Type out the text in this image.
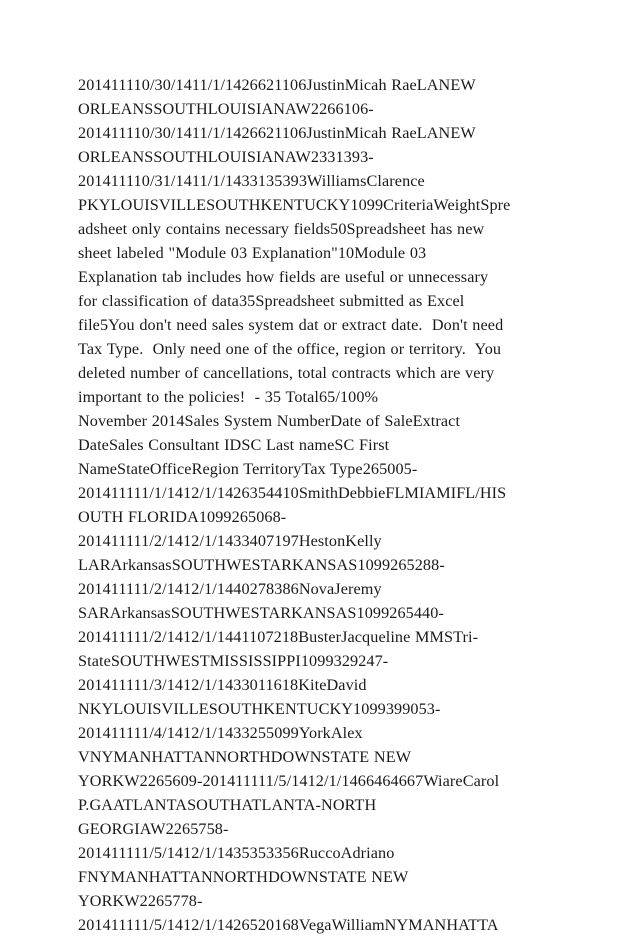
201411110/30/1411/1/1426621106JustinMicah RaeLANEW
ORLEANSSOUTHLOUISIANAW2266106-
201411110/30/1411/1/1426621106JustinMicah RaeLANEW
ORLEANSSOUTHLOUISIANAW2331393-
201411110/31/1411/1/1433135393WilliamsClarence
PKYLOUISVILLESOUTHKENTUCKY1099CriteriaWeightSpre
adsheet only contains necessary fields50Spreadsheet has new
sheet labeled "Module 03 Explanation"10Module 03
Explanation tab includes how fields are useful or unnecessary
for classification of data35Spreadsheet submitted as Excel
file5You don't need sales system dat or extract date.  Don't need
Tax Type.  Only need one of the office, region or territory.  You
deleted number of cancellations, total contracts which are very
important to the policies!  - 35 Total65/100%
November 2014Sales System NumberDate of SaleExtract
DateSales Consultant IDSC Last nameSC First
NameStateOfficeRegion TerritoryTax Type265005-
201411111/1/1412/1/1426354410SmithDebbieFLMIAMIFL/HIS
OUTH FLORIDA1099265068-
201411111/2/1412/1/1433407197HestonKelly
LARArkansasSOUTHWESTARKANSAS1099265288-
201411111/2/1412/1/1440278386NovaJeremy
SARArkansasSOUTHWESTARKANSAS1099265440-
201411111/2/1412/1/1441107218BusterJacqueline MMSTri-
StateSOUTHWESTMISSISSIPPI1099329247-
201411111/3/1412/1/1433011618KiteDavid
NKYLOUISVILLESOUTHKENTUCKY1099399053-
201411111/4/1412/1/1433255099YorkAlex
VNYMANHATTANNORTHDOWNSTATE NEW
YORKW2265609-201411111/5/1412/1/1466464667WiareCarol
P.GAATLANTASOUTHATLANTA-NORTH
GEORGIAW2265758-
201411111/5/1412/1/1435353356RuccoAdriano
FNYMANHATTANNORTHDOWNSTATE NEW
YORKW2265778-
201411111/5/1412/1/1426520168VegaWilliamNYMANHATTA
